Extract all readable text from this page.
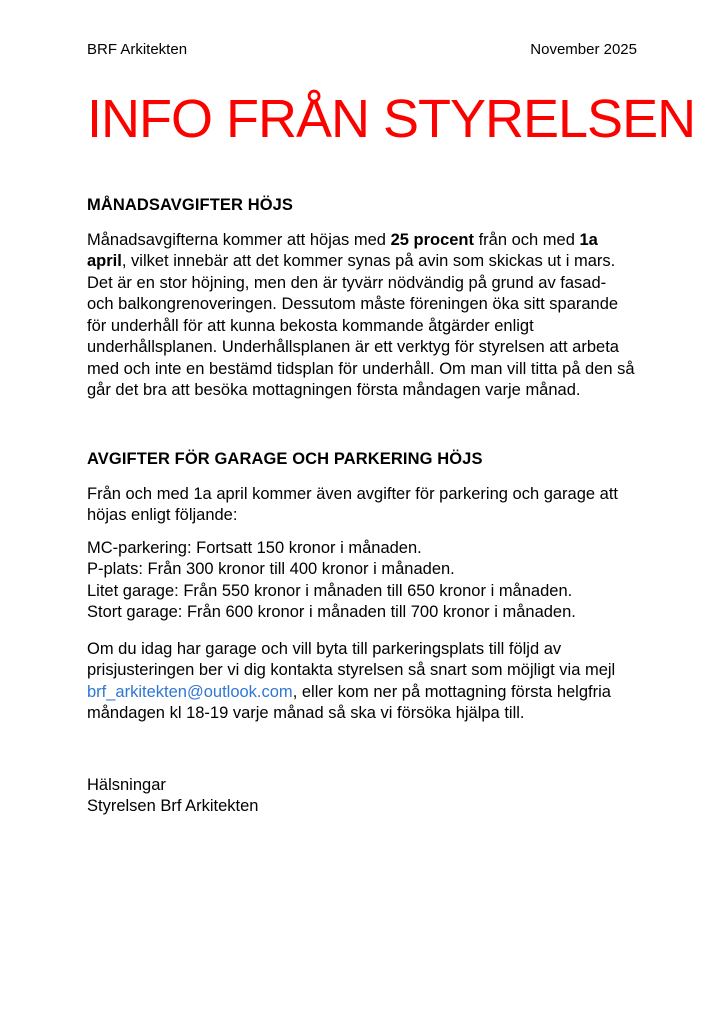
BRF Arkitekten	November 2025
INFO FRÅN STYRELSEN
MÅNADSAVGIFTER HÖJS

Månadsavgifterna kommer att höjas med 25 procent från och med 1a april, vilket innebär att det kommer synas på avin som skickas ut i mars. Det är en stor höjning, men den är tyvärr nödvändig på grund av fasad- och balkongrenoveringen. Dessutom måste föreningen öka sitt sparande för underhåll för att kunna bekosta kommande åtgärder enligt underhållsplanen. Underhållsplanen är ett verktyg för styrelsen att arbeta med och inte en bestämd tidsplan för underhåll. Om man vill titta på den så går det bra att besöka mottagningen första måndagen varje månad.

AVGIFTER FÖR GARAGE OCH PARKERING HÖJS

Från och med 1a april kommer även avgifter för parkering och garage att höjas enligt följande:

MC-parkering: Fortsatt 150 kronor i månaden.
P-plats: Från 300 kronor till 400 kronor i månaden.
Litet garage: Från 550 kronor i månaden till 650 kronor i månaden.
Stort garage: Från 600 kronor i månaden till 700 kronor i månaden.

Om du idag har garage och vill byta till parkeringsplats till följd av prisjusteringen ber vi dig kontakta styrelsen så snart som möjligt via mejl brf_arkitekten@outlook.com, eller kom ner på mottagning första helgfria måndagen kl 18-19 varje månad så ska vi försöka hjälpa till.

Hälsningar
Styrelsen Brf Arkitekten
